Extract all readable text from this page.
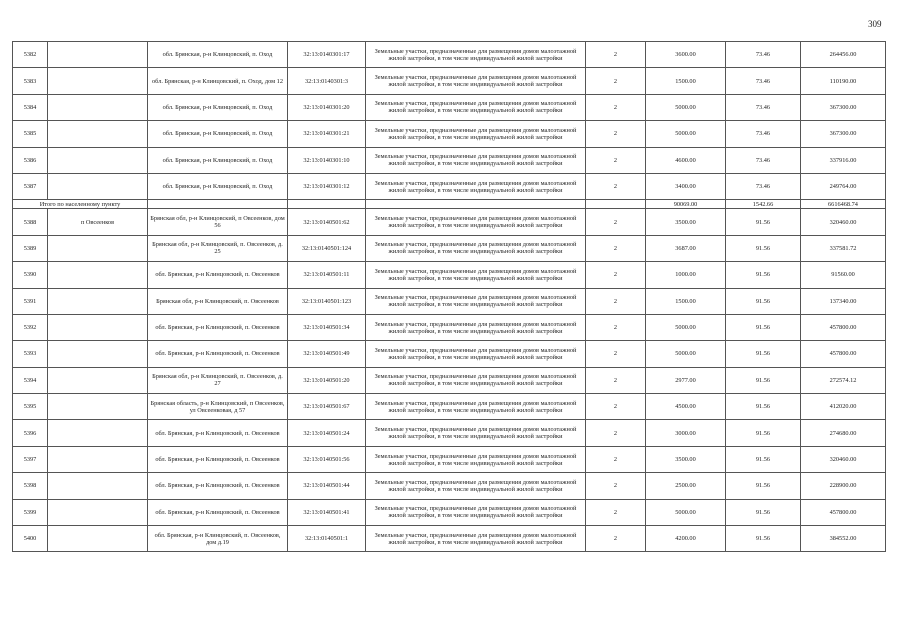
309
5382		обл. Брянская, р-н Клинцовский, п. Оход	32:13:0140301:17	Земельные участки, предназначенные для размещения домов малоэтажной жилой застройки, в том числе индивидуальной жилой застройки	2	3600.00	73.46	264456.00
5383		обл. Брянская, р-н Клинцовский, п. Оход, дом 12	32:13:0140301:3	Земельные участки, предназначенные для размещения домов малоэтажной жилой застройки, в том числе индивидуальной жилой застройки	2	1500.00	73.46	110190.00
5384		обл. Брянская, р-н Клинцовский, п. Оход	32:13:0140301:20	Земельные участки, предназначенные для размещения домов малоэтажной жилой застройки, в том числе индивидуальной жилой застройки	2	5000.00	73.46	367300.00
5385		обл. Брянская, р-н Клинцовский, п. Оход	32:13:0140301:21	Земельные участки, предназначенные для размещения домов малоэтажной жилой застройки, в том числе индивидуальной жилой застройки	2	5000.00	73.46	367300.00
5386		обл. Брянская, р-н Клинцовский, п. Оход	32:13:0140301:10	Земельные участки, предназначенные для размещения домов малоэтажной жилой застройки, в том числе индивидуальной жилой застройки	2	4600.00	73.46	337916.00
5387		обл. Брянская, р-н Клинцовский, п. Оход	32:13:0140301:12	Земельные участки, предназначенные для размещения домов малоэтажной жилой застройки, в том числе индивидуальной жилой застройки	2	3400.00	73.46	249764.00
Итого по населенному пункту						90069.00	1542.66	6616468.74
5388	п Овсеенков	Брянская обл, р-н Клинцовский, п Овсеенков, дом 56	32:13:0140501:62	Земельные участки, предназначенные для размещения домов малоэтажной жилой застройки, в том числе индивидуальной жилой застройки	2	3500.00	91.56	320460.00
5389		Брянская обл, р-н Клинцовский, п. Овсеенков, д. 25	32:13:0140501:124	Земельные участки, предназначенные для размещения домов малоэтажной жилой застройки, в том числе индивидуальной жилой застройки	2	3687.00	91.56	337581.72
5390		обл. Брянская, р-н Клинцовский, п. Овсеенков	32:13:0140501:11	Земельные участки, предназначенные для размещения домов малоэтажной жилой застройки, в том числе индивидуальной жилой застройки	2	1000.00	91.56	91560.00
5391		Брянская обл, р-н Клинцовский, п. Овсеенков	32:13:0140501:123	Земельные участки, предназначенные для размещения домов малоэтажной жилой застройки, в том числе индивидуальной жилой застройки	2	1500.00	91.56	137340.00
5392		обл. Брянская, р-н Клинцовский, п. Овсеенков	32:13:0140501:34	Земельные участки, предназначенные для размещения домов малоэтажной жилой застройки, в том числе индивидуальной жилой застройки	2	5000.00	91.56	457800.00
5393		обл. Брянская, р-н Клинцовский, п. Овсеенков	32:13:0140501:49	Земельные участки, предназначенные для размещения домов малоэтажной жилой застройки, в том числе индивидуальной жилой застройки	2	5000.00	91.56	457800.00
5394		Брянская обл, р-н Клинцовский, п. Овсеенков, д. 27	32:13:0140501:20	Земельные участки, предназначенные для размещения домов малоэтажной жилой застройки, в том числе индивидуальной жилой застройки	2	2977.00	91.56	272574.12
5395		Брянская область, р-н Клинцовский, п Овсеенков, ул Овсеенковая, д 57	32:13:0140501:67	Земельные участки, предназначенные для размещения домов малоэтажной жилой застройки, в том числе индивидуальной жилой застройки	2	4500.00	91.56	412020.00
5396		обл. Брянская, р-н Клинцовский, п. Овсеенков	32:13:0140501:24	Земельные участки, предназначенные для размещения домов малоэтажной жилой застройки, в том числе индивидуальной жилой застройки	2	3000.00	91.56	274680.00
5397		обл. Брянская, р-н Клинцовский, п. Овсеенков	32:13:0140501:56	Земельные участки, предназначенные для размещения домов малоэтажной жилой застройки, в том числе индивидуальной жилой застройки	2	3500.00	91.56	320460.00
5398		обл. Брянская, р-н Клинцовский, п. Овсеенков	32:13:0140501:44	Земельные участки, предназначенные для размещения домов малоэтажной жилой застройки, в том числе индивидуальной жилой застройки	2	2500.00	91.56	228900.00
5399		обл. Брянская, р-н Клинцовский, п. Овсеенков	32:13:0140501:41	Земельные участки, предназначенные для размещения домов малоэтажной жилой застройки, в том числе индивидуальной жилой застройки	2	5000.00	91.56	457800.00
5400		обл. Брянская, р-н Клинцовский, п. Овсеенков, дом д.19	32:13:0140501:1	Земельные участки, предназначенные для размещения домов малоэтажной жилой застройки, в том числе индивидуальной жилой застройки	2	4200.00	91.56	384552.00
